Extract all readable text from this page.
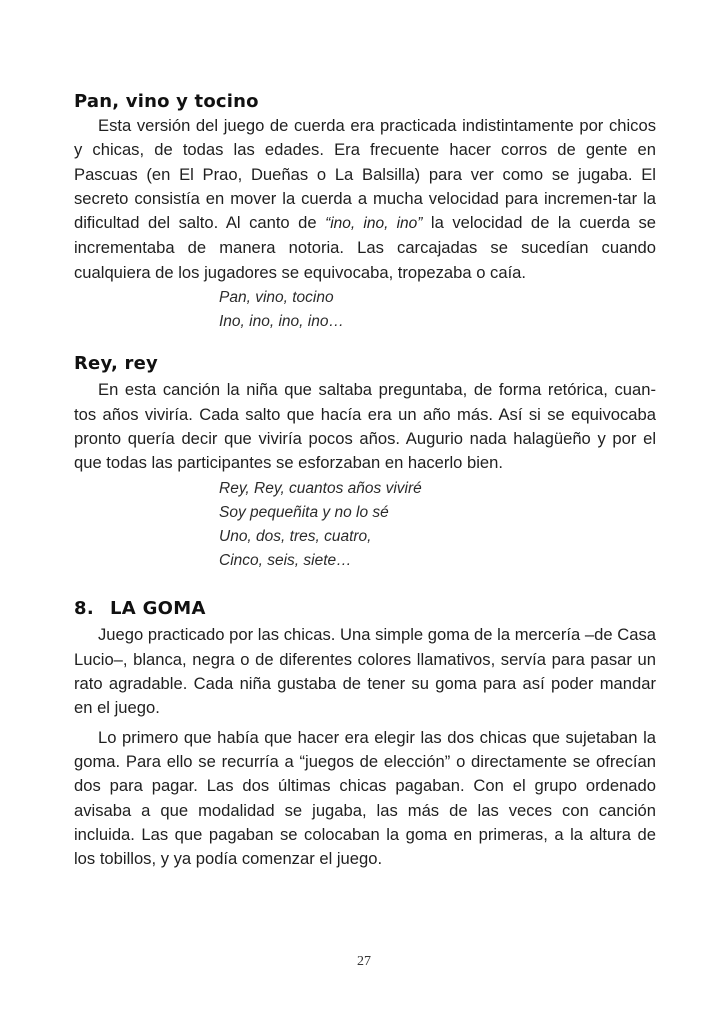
Pan, vino y tocino

Esta versión del juego de cuerda era practicada indistintamente por chicos y chicas, de todas las edades. Era frecuente hacer corros de gente en Pascuas (en El Prao, Dueñas o La Balsilla) para ver como se jugaba. El secreto consistía en mover la cuerda a mucha velocidad para incremen-tar la dificultad del salto. Al canto de “ino, ino, ino” la velocidad de la cuerda se incrementaba de manera notoria. Las carcajadas se sucedían cuando cualquiera de los jugadores se equivocaba, tropezaba o caía.

Pan, vino, tocino

Ino, ino, ino, ino…

Rey, rey

En esta canción la niña que saltaba preguntaba, de forma retórica, cuan-tos años viviría. Cada salto que hacía era un año más. Así si se equivocaba pronto quería decir que viviría pocos años. Augurio nada halagüeño y por el que todas las participantes se esforzaban en hacerlo bien.

Rey, Rey, cuantos años viviré

Soy pequeñita y no lo sé

Uno, dos, tres, cuatro,

Cinco, seis, siete…

8. LA GOMA

Juego practicado por las chicas. Una simple goma de la mercería –de Casa Lucio–, blanca, negra o de diferentes colores llamativos, servía para pasar un rato agradable. Cada niña gustaba de tener su goma para así poder mandar en el juego.

Lo primero que había que hacer era elegir las dos chicas que sujetaban la goma. Para ello se recurría a “juegos de elección” o directamente se ofrecían dos para pagar. Las dos últimas chicas pagaban. Con el grupo ordenado avisaba a que modalidad se jugaba, las más de las veces con canción incluida. Las que pagaban se colocaban la goma en primeras, a la altura de los tobillos, y ya podía comenzar el juego.

27
